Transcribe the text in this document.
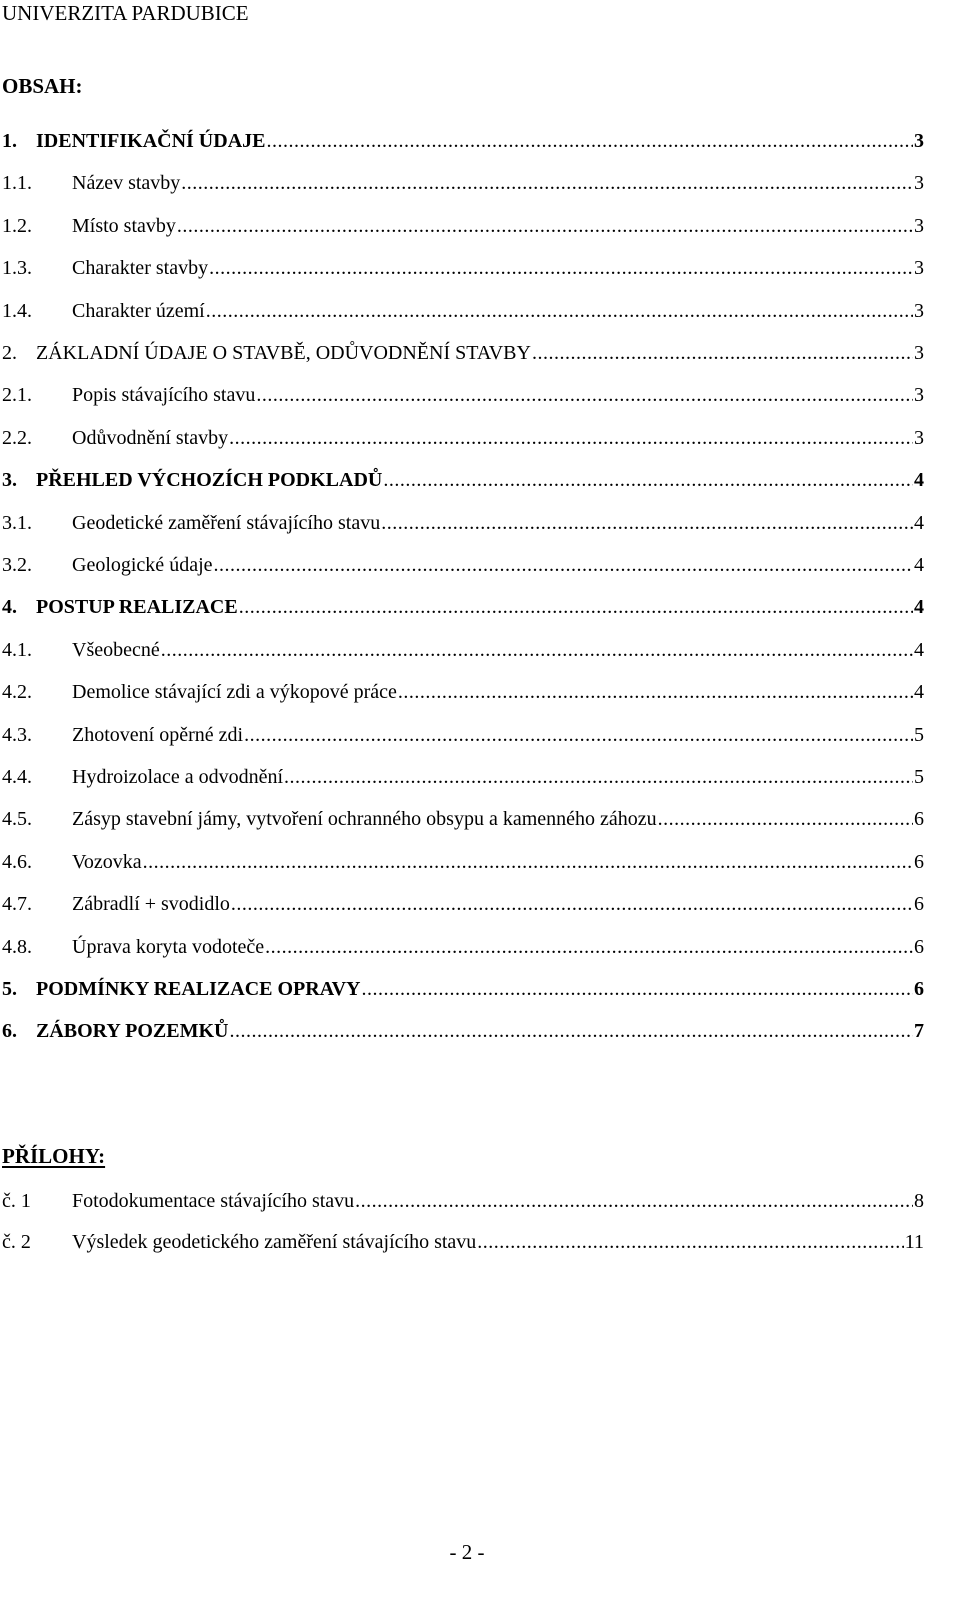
UNIVERZITA PARDUBICE
OBSAH:
1. IDENTIFIKAČNÍ ÚDAJE .....	3
1.1.	Název stavby .....	3
1.2.	Místo stavby .....	3
1.3.	Charakter stavby .....	3
1.4.	Charakter území .....	3
2. ZÁKLADNÍ ÚDAJE O STAVBĚ, ODŮVODNĚNÍ STAVBY .....	3
2.1.	Popis stávajícího stavu .....	3
2.2.	Odůvodnění stavby .....	3
3. PŘEHLED VÝCHOZÍCH PODKLADŮ .....	4
3.1.	Geodetické zaměření stávajícího stavu .....	4
3.2.	Geologické údaje .....	4
4. POSTUP REALIZACE .....	4
4.1.	Všeobecné .....	4
4.2.	Demolice stávající zdi a výkopové práce .....	4
4.3.	Zhotovení opěrné zdi .....	5
4.4.	Hydroizolace a odvodnění .....	5
4.5.	Zásyp stavební jámy, vytvoření ochranného obsypu a kamenného záhozu .....	6
4.6.	Vozovka .....	6
4.7.	Zábradlí + svodidlo .....	6
4.8.	Úprava koryta vodoteče .....	6
5. PODMÍNKY REALIZACE OPRAVY .....	6
6. ZÁBORY POZEMKŮ .....	7
č. 1	Fotodokumentace stávajícího stavu .....	8
č. 2	Výsledek geodetického zaměření stávajícího stavu .....	11
PŘÍLOHY:
- 2 -
